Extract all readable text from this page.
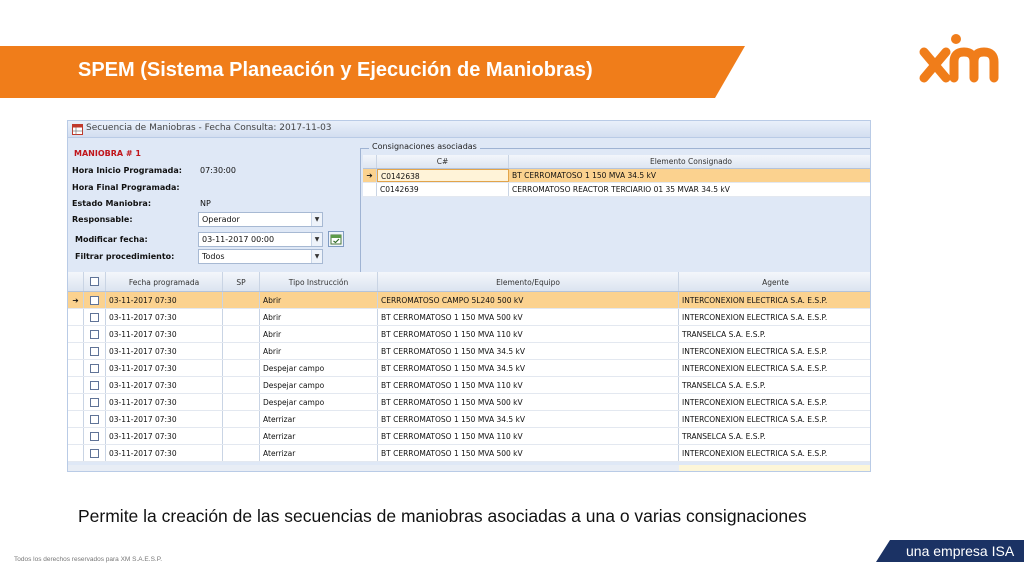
SPEM (Sistema Planeación y Ejecución de Maniobras)
Secuencia de Maniobras - Fecha Consulta: 2017-11-03
MANIOBRA # 1
Hora Inicio Programada: 07:30:00
Hora Final Programada:
Estado Maniobra:	NP
Responsable:	Operador	▼
Modificar fecha:	03-11-2017 00:00	▼
Filtrar procedimiento:	Todos	▼
Consignaciones asociadas
C#	Elemento Consignado
➔	C0142638	BT CERROMATOSO 1 150 MVA 34.5 kV
C0142639	CERROMATOSO REACTOR TERCIARIO 01 35 MVAR 34.5 kV
Fecha programada	SP	Tipo Instrucción	Elemento/Equipo	Agente
➔	03-11-2017 07:30	Abrir	CERROMATOSO CAMPO 5L240 500 kV	INTERCONEXION ELECTRICA S.A. E.S.P.
03-11-2017 07:30	Abrir	BT CERROMATOSO 1 150 MVA 500 kV	INTERCONEXION ELECTRICA S.A. E.S.P.
03-11-2017 07:30	Abrir	BT CERROMATOSO 1 150 MVA 110 kV	TRANSELCA S.A. E.S.P.
03-11-2017 07:30	Abrir	BT CERROMATOSO 1 150 MVA 34.5 kV	INTERCONEXION ELECTRICA S.A. E.S.P.
03-11-2017 07:30	Despejar campo	BT CERROMATOSO 1 150 MVA 34.5 kV	INTERCONEXION ELECTRICA S.A. E.S.P.
03-11-2017 07:30	Despejar campo	BT CERROMATOSO 1 150 MVA 110 kV	TRANSELCA S.A. E.S.P.
03-11-2017 07:30	Despejar campo	BT CERROMATOSO 1 150 MVA 500 kV	INTERCONEXION ELECTRICA S.A. E.S.P.
03-11-2017 07:30	Aterrizar	BT CERROMATOSO 1 150 MVA 34.5 kV	INTERCONEXION ELECTRICA S.A. E.S.P.
03-11-2017 07:30	Aterrizar	BT CERROMATOSO 1 150 MVA 110 kV	TRANSELCA S.A. E.S.P.
03-11-2017 07:30	Aterrizar	BT CERROMATOSO 1 150 MVA 500 kV	INTERCONEXION ELECTRICA S.A. E.S.P.
Permite la creación de las secuencias de maniobras asociadas a una o varias consignaciones
Todos los derechos reservados para XM S.A.E.S.P.
una empresa ISA
